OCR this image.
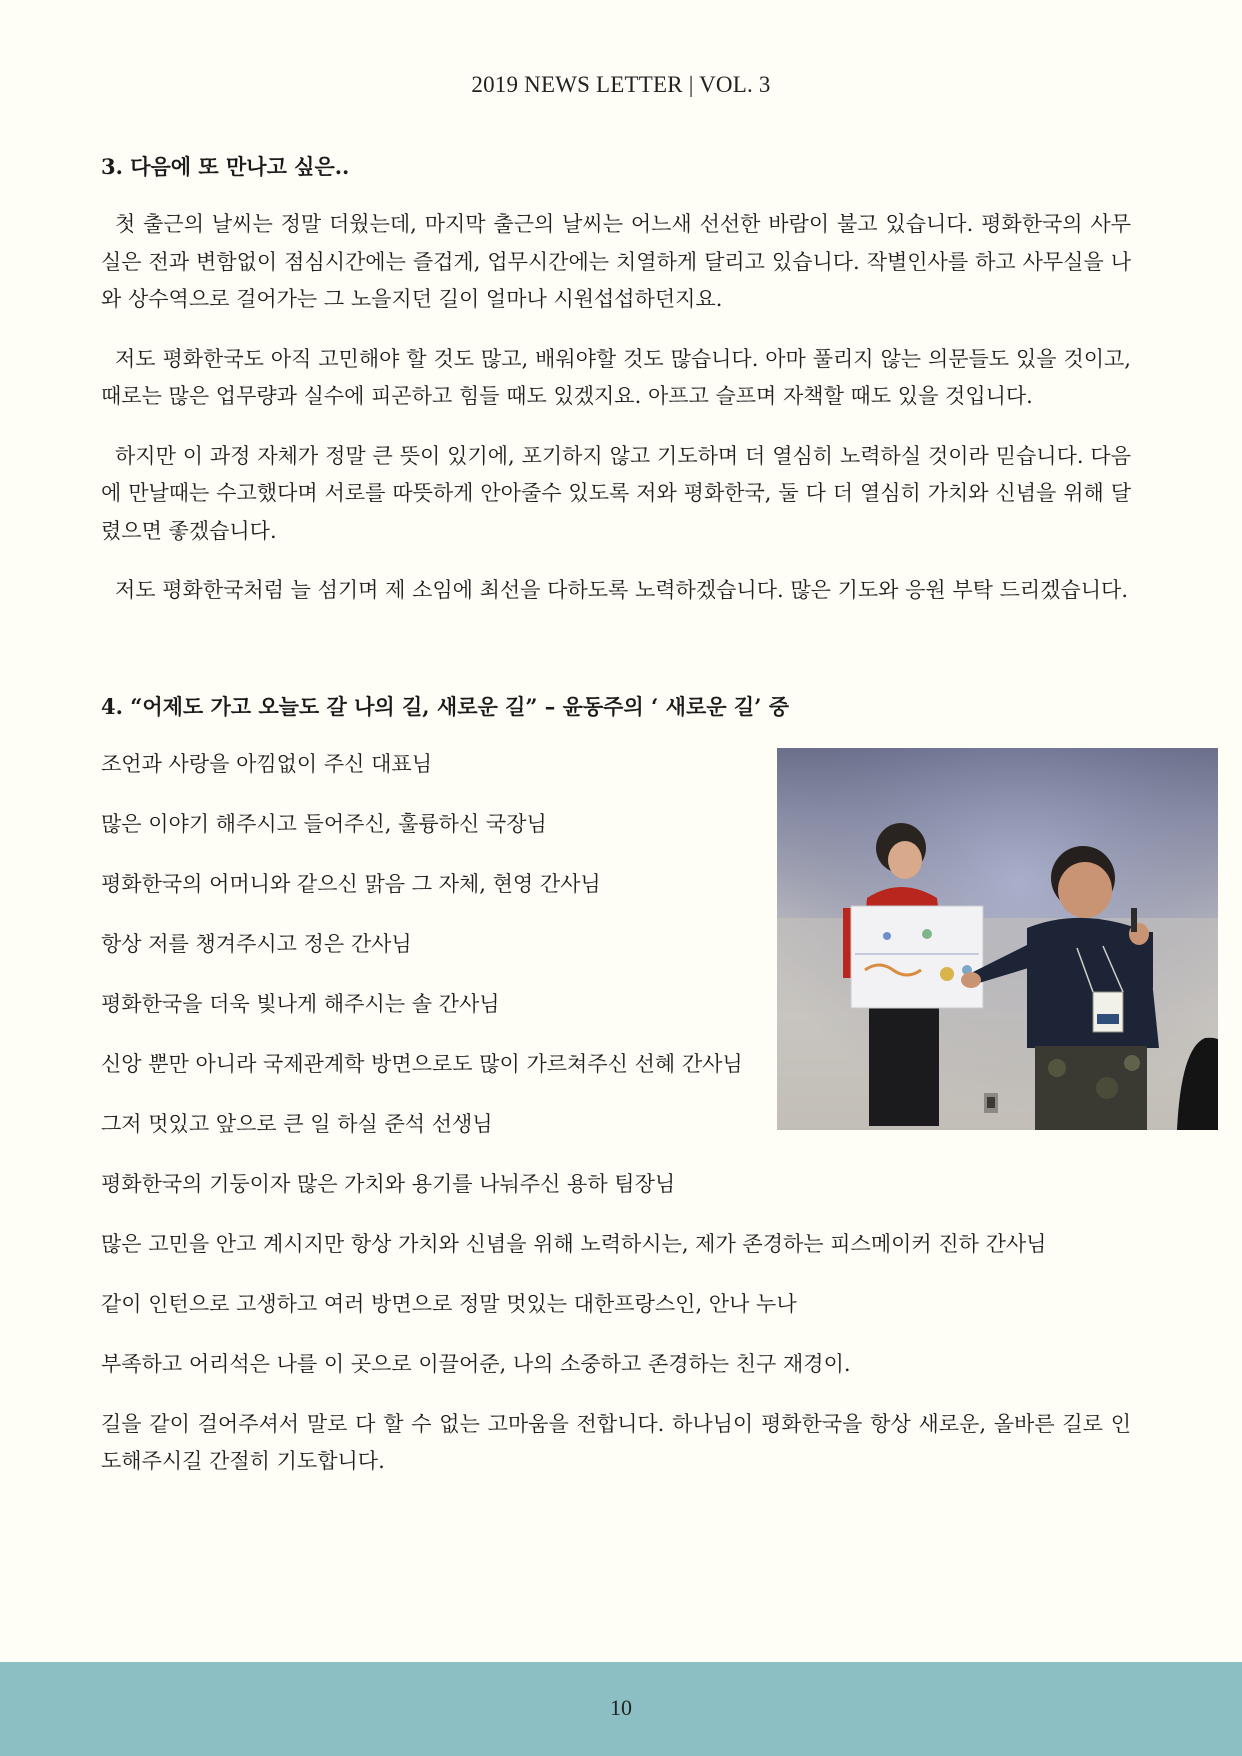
2019 NEWS LETTER | VOL. 3
3. 다음에 또 만나고 싶은..

첫 출근의 날씨는 정말 더웠는데, 마지막 출근의 날씨는 어느새 선선한 바람이 불고 있습니다. 평화한국의 사무실은 전과 변함없이 점심시간에는 즐겁게, 업무시간에는 치열하게 달리고 있습니다. 작별인사를 하고 사무실을 나와 상수역으로 걸어가는 그 노을지던 길이 얼마나 시원섭섭하던지요.

저도 평화한국도 아직 고민해야 할 것도 많고, 배워야할 것도 많습니다. 아마 풀리지 않는 의문들도 있을 것이고, 때로는 많은 업무량과 실수에 피곤하고 힘들 때도 있겠지요. 아프고 슬프며 자책할 때도 있을 것입니다.

하지만 이 과정 자체가 정말 큰 뜻이 있기에, 포기하지 않고 기도하며 더 열심히 노력하실 것이라 믿습니다. 다음에 만날때는 수고했다며 서로를 따뜻하게 안아줄수 있도록 저와 평화한국, 둘 다 더 열심히 가치와 신념을 위해 달렸으면 좋겠습니다.

저도 평화한국처럼 늘 섬기며 제 소임에 최선을 다하도록 노력하겠습니다. 많은 기도와 응원 부탁 드리겠습니다.

4. “어제도 가고 오늘도 갈 나의 길, 새로운 길” – 윤동주의 ‘ 새로운 길’ 중
조언과 사랑을 아낌없이 주신 대표님
많은 이야기 해주시고 들어주신, 훌륭하신 국장님
평화한국의 어머니와 같으신 맑음 그 자체, 현영 간사님
항상 저를 챙겨주시고 정은 간사님
평화한국을 더욱 빛나게 해주시는 솔 간사님
신앙 뿐만 아니라 국제관계학 방면으로도 많이 가르쳐주신 선혜 간사님
그저 멋있고 앞으로 큰 일 하실 준석 선생님
평화한국의 기둥이자 많은 가치와 용기를 나눠주신 용하 팀장님
많은 고민을 안고 계시지만 항상 가치와 신념을 위해 노력하시는, 제가 존경하는 피스메이커 진하 간사님
같이 인턴으로 고생하고 여러 방면으로 정말 멋있는 대한프랑스인, 안나 누나
부족하고 어리석은 나를 이 곳으로 이끌어준, 나의 소중하고 존경하는 친구 재경이.
길을 같이 걸어주셔서 말로 다 할 수 없는 고마움을 전합니다. 하나님이 평화한국을 항상 새로운, 올바른 길로 인도해주시길 간절히 기도합니다.
10
